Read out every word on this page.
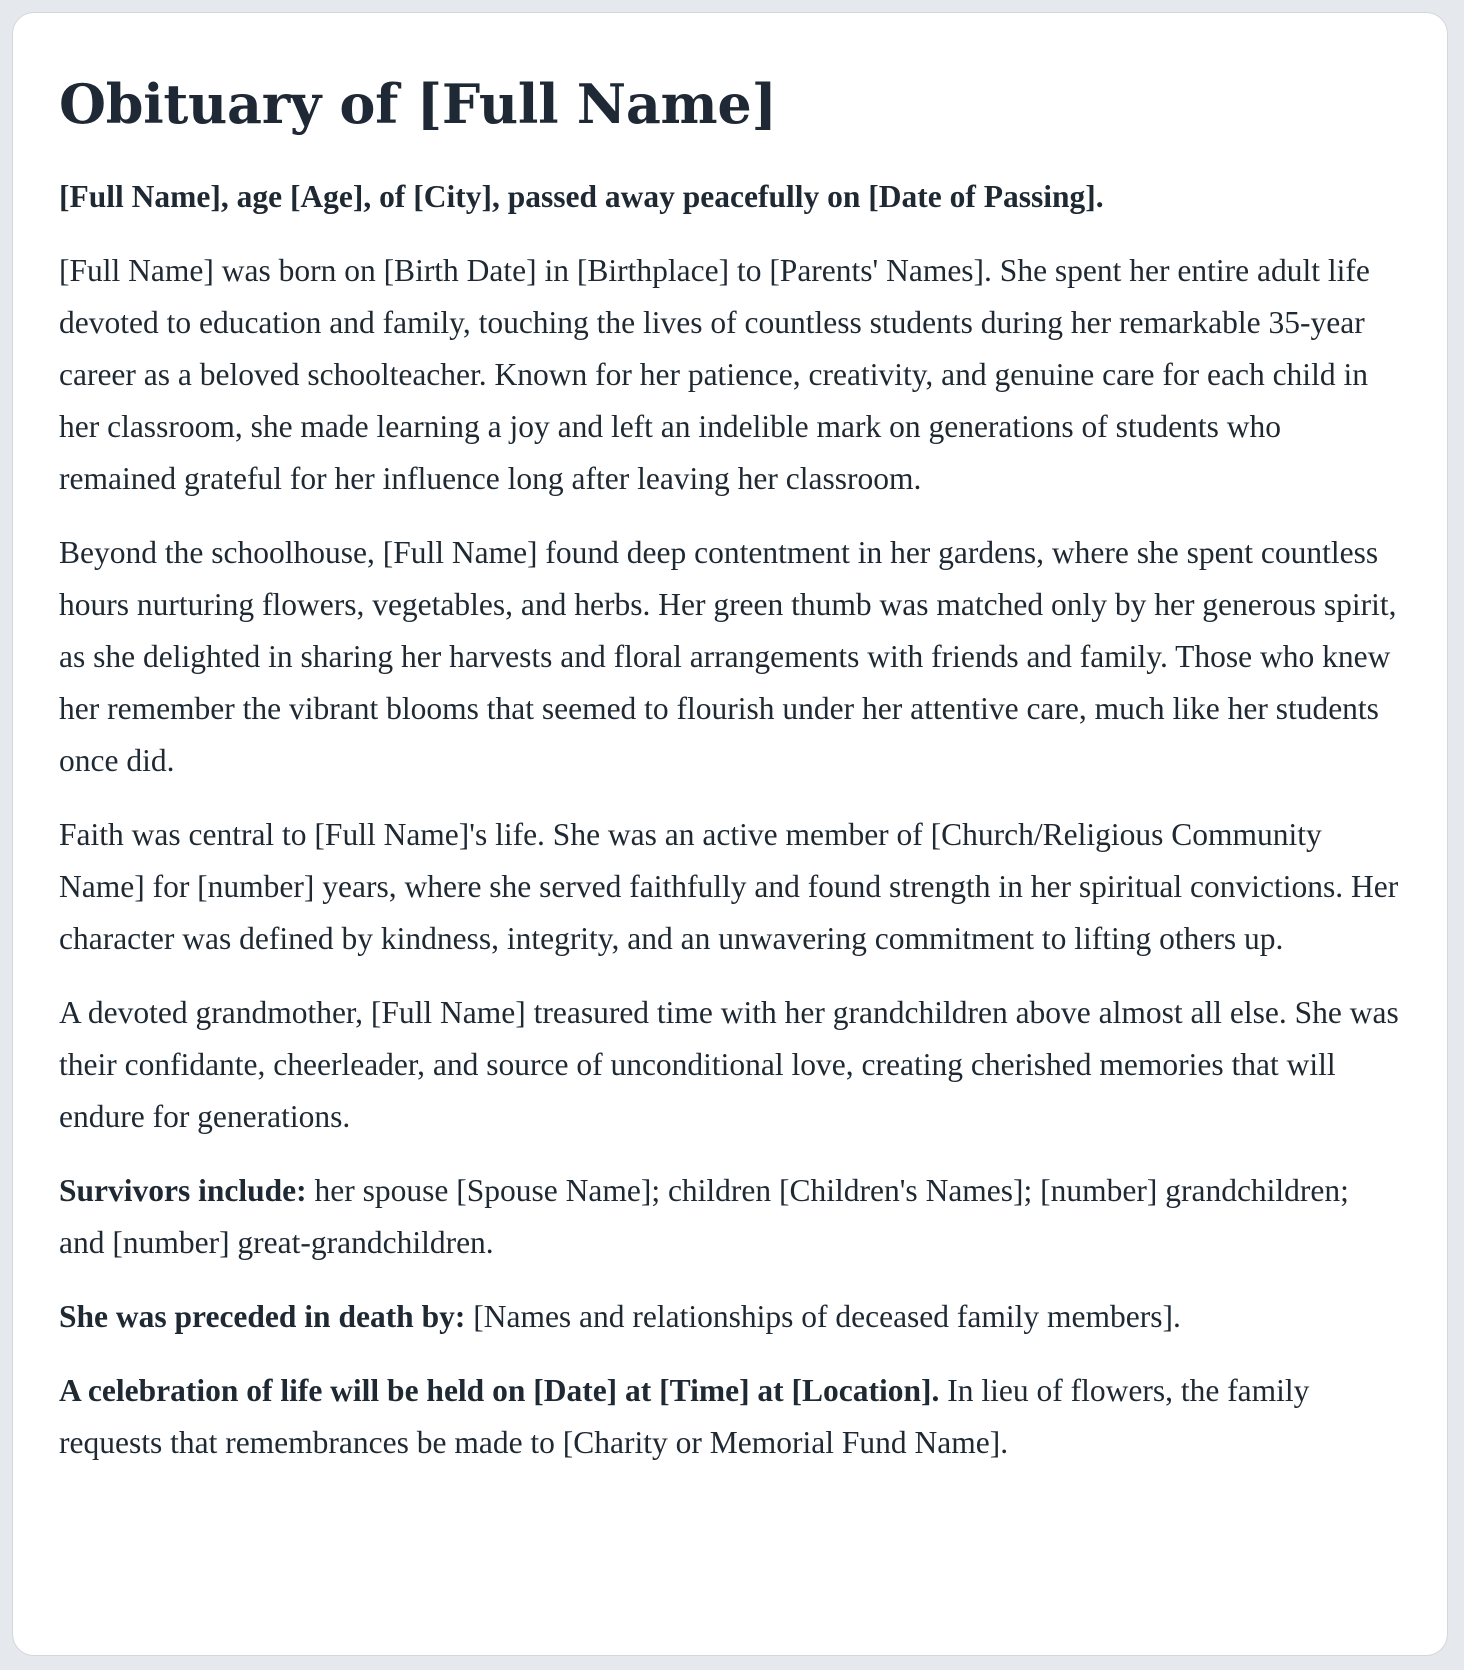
Obituary of [Full Name]

[Full Name], age [Age], of [City], passed away peacefully on [Date of Passing].

[Full Name] was born on [Birth Date] in [Birthplace] to [Parents' Names]. She spent her entire adult life devoted to education and family, touching the lives of countless students during her remarkable 35-year career as a beloved schoolteacher. Known for her patience, creativity, and genuine care for each child in her classroom, she made learning a joy and left an indelible mark on generations of students who remained grateful for her influence long after leaving her classroom.

Beyond the schoolhouse, [Full Name] found deep contentment in her gardens, where she spent countless hours nurturing flowers, vegetables, and herbs. Her green thumb was matched only by her generous spirit, as she delighted in sharing her harvests and floral arrangements with friends and family. Those who knew her remember the vibrant blooms that seemed to flourish under her attentive care, much like her students once did.

Faith was central to [Full Name]'s life. She was an active member of [Church/Religious Community Name] for [number] years, where she served faithfully and found strength in her spiritual convictions. Her character was defined by kindness, integrity, and an unwavering commitment to lifting others up.

A devoted grandmother, [Full Name] treasured time with her grandchildren above almost all else. She was their confidante, cheerleader, and source of unconditional love, creating cherished memories that will endure for generations.

Survivors include: her spouse [Spouse Name]; children [Children's Names]; [number] grandchildren; and [number] great-grandchildren.

She was preceded in death by: [Names and relationships of deceased family members].

A celebration of life will be held on [Date] at [Time] at [Location]. In lieu of flowers, the family requests that remembrances be made to [Charity or Memorial Fund Name].
